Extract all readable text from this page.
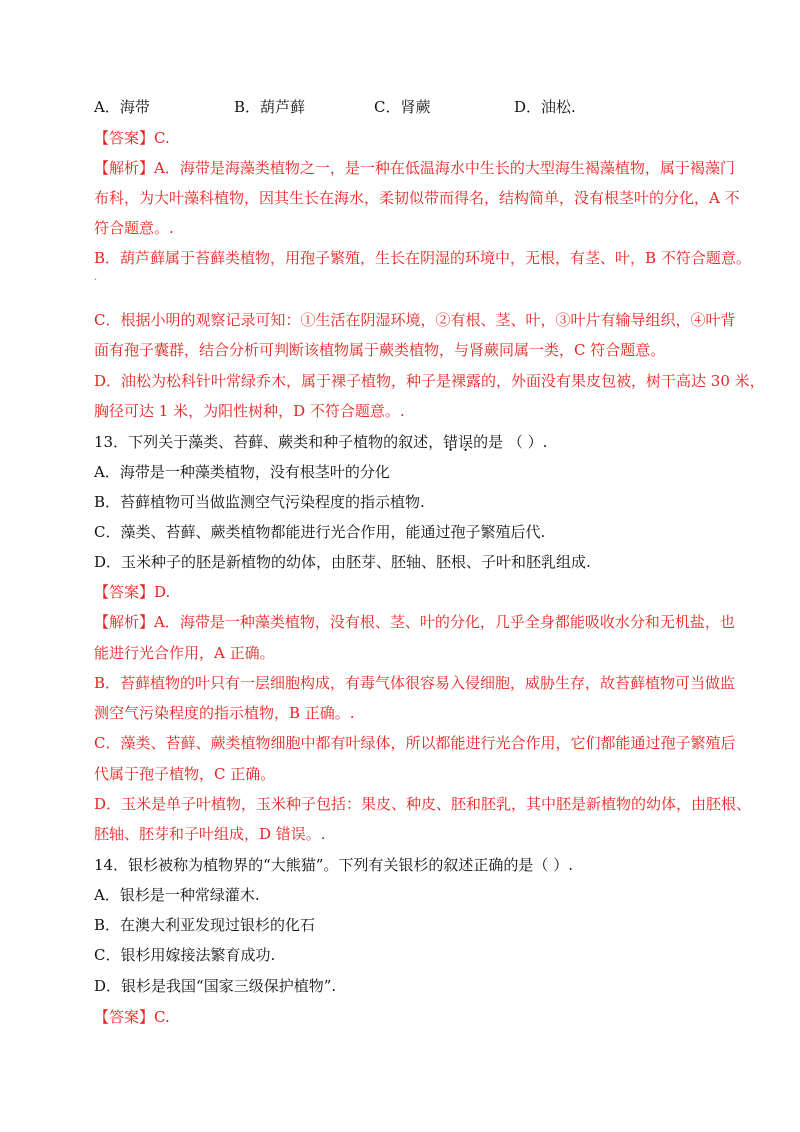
A．海带	B．葫芦藓	C．肾蕨	D．油松.
【答案】C.
【解析】A．海带是海藻类植物之一，是一种在低温海水中生长的大型海生褐藻植物，属于褐藻门
布科，为大叶藻科植物，因其生长在海水，柔韧似带而得名，结构简单，没有根茎叶的分化，A 不
符合题意。.
B．葫芦藓属于苔藓类植物，用孢子繁殖，生长在阴湿的环境中，无根，有茎、叶，B 不符合题意。
.
C．根据小明的观察记录可知：①生活在阴湿环境，②有根、茎、叶，③叶片有输导组织，④叶背
面有孢子囊群，结合分析可判断该植物属于蕨类植物，与肾蕨同属一类，C 符合题意。
D．油松为松科针叶常绿乔木，属于裸子植物，种子是裸露的，外面没有果皮包被，树干高达 30 米，
胸径可达 1 米，为阳性树种，D 不符合题意。.
13．下列关于藻类、苔藓、蕨类和种子植物的叙述，错误的是 （ ）.
A．海带是一种藻类植物，没有根茎叶的分化
B．苔藓植物可当做监测空气污染程度的指示植物.
C．藻类、苔藓、蕨类植物都能进行光合作用，能通过孢子繁殖后代.
D．玉米种子的胚是新植物的幼体，由胚芽、胚轴、胚根、子叶和胚乳组成.
【答案】D.
【解析】A．海带是一种藻类植物，没有根、茎、叶的分化，几乎全身都能吸收水分和无机盐，也
能进行光合作用，A 正确。
B．苔藓植物的叶只有一层细胞构成，有毒气体很容易入侵细胞，威胁生存，故苔藓植物可当做监
测空气污染程度的指示植物，B 正确。.
C．藻类、苔藓、蕨类植物细胞中都有叶绿体，所以都能进行光合作用，它们都能通过孢子繁殖后
代属于孢子植物，C 正确。
D．玉米是单子叶植物，玉米种子包括：果皮、种皮、胚和胚乳，其中胚是新植物的幼体，由胚根、
胚轴、胚芽和子叶组成，D 错误。.
14．银杉被称为植物界的“大熊猫”。下列有关银杉的叙述正确的是（ ）.
A．银杉是一种常绿灌木.
B．在澳大利亚发现过银杉的化石
C．银杉用嫁接法繁育成功.
D．银杉是我国“国家三级保护植物”.
【答案】C.
